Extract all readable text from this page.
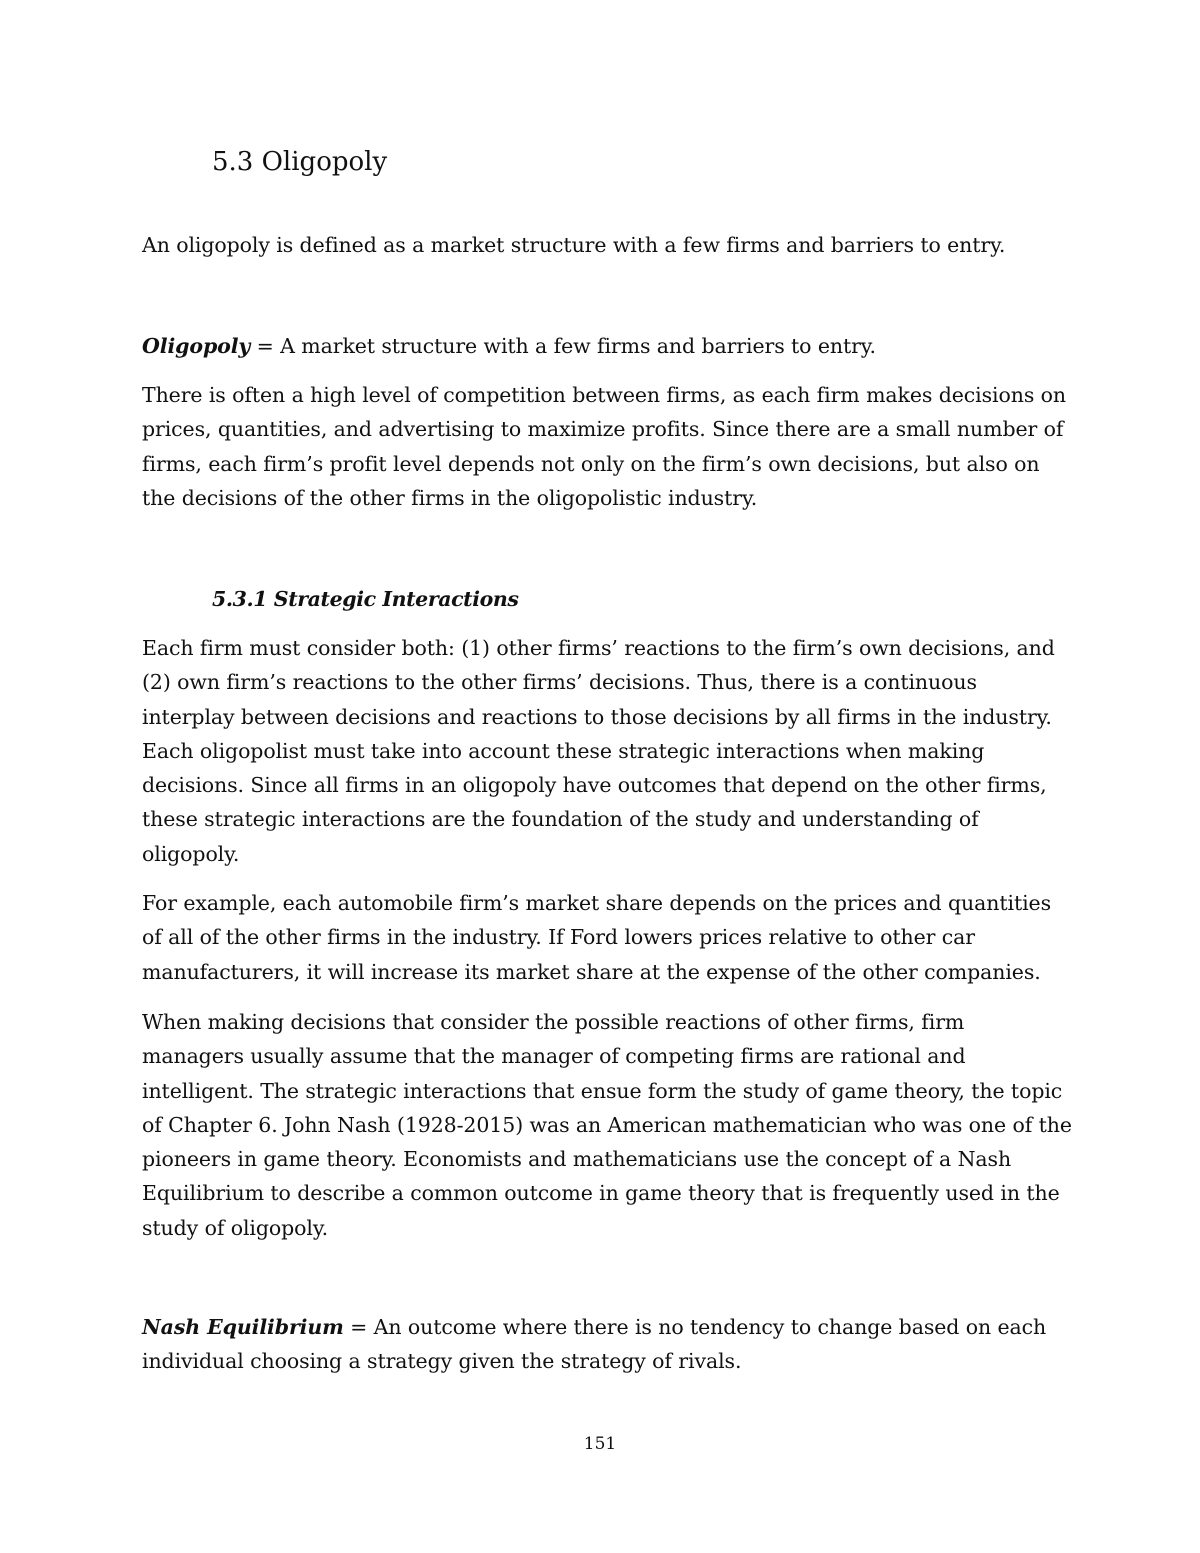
5.3 Oligopoly

An oligopoly is defined as a market structure with a few firms and barriers to entry.

Oligopoly = A market structure with a few firms and barriers to entry.

There is often a high level of competition between firms, as each firm makes decisions on prices, quantities, and advertising to maximize profits. Since there are a small number of firms, each firm’s profit level depends not only on the firm’s own decisions, but also on the decisions of the other firms in the oligopolistic industry.

5.3.1 Strategic Interactions

Each firm must consider both: (1) other firms’ reactions to the firm’s own decisions, and (2) own firm’s reactions to the other firms’ decisions. Thus, there is a continuous interplay between decisions and reactions to those decisions by all firms in the industry. Each oligopolist must take into account these strategic interactions when making decisions. Since all firms in an oligopoly have outcomes that depend on the other firms, these strategic interactions are the foundation of the study and understanding of oligopoly.

For example, each automobile firm’s market share depends on the prices and quantities of all of the other firms in the industry. If Ford lowers prices relative to other car manufacturers, it will increase its market share at the expense of the other companies.

When making decisions that consider the possible reactions of other firms, firm managers usually assume that the manager of competing firms are rational and intelligent. The strategic interactions that ensue form the study of game theory, the topic of Chapter 6. John Nash (1928-2015) was an American mathematician who was one of the pioneers in game theory. Economists and mathematicians use the concept of a Nash Equilibrium to describe a common outcome in game theory that is frequently used in the study of oligopoly.

Nash Equilibrium = An outcome where there is no tendency to change based on each individual choosing a strategy given the strategy of rivals.

151
